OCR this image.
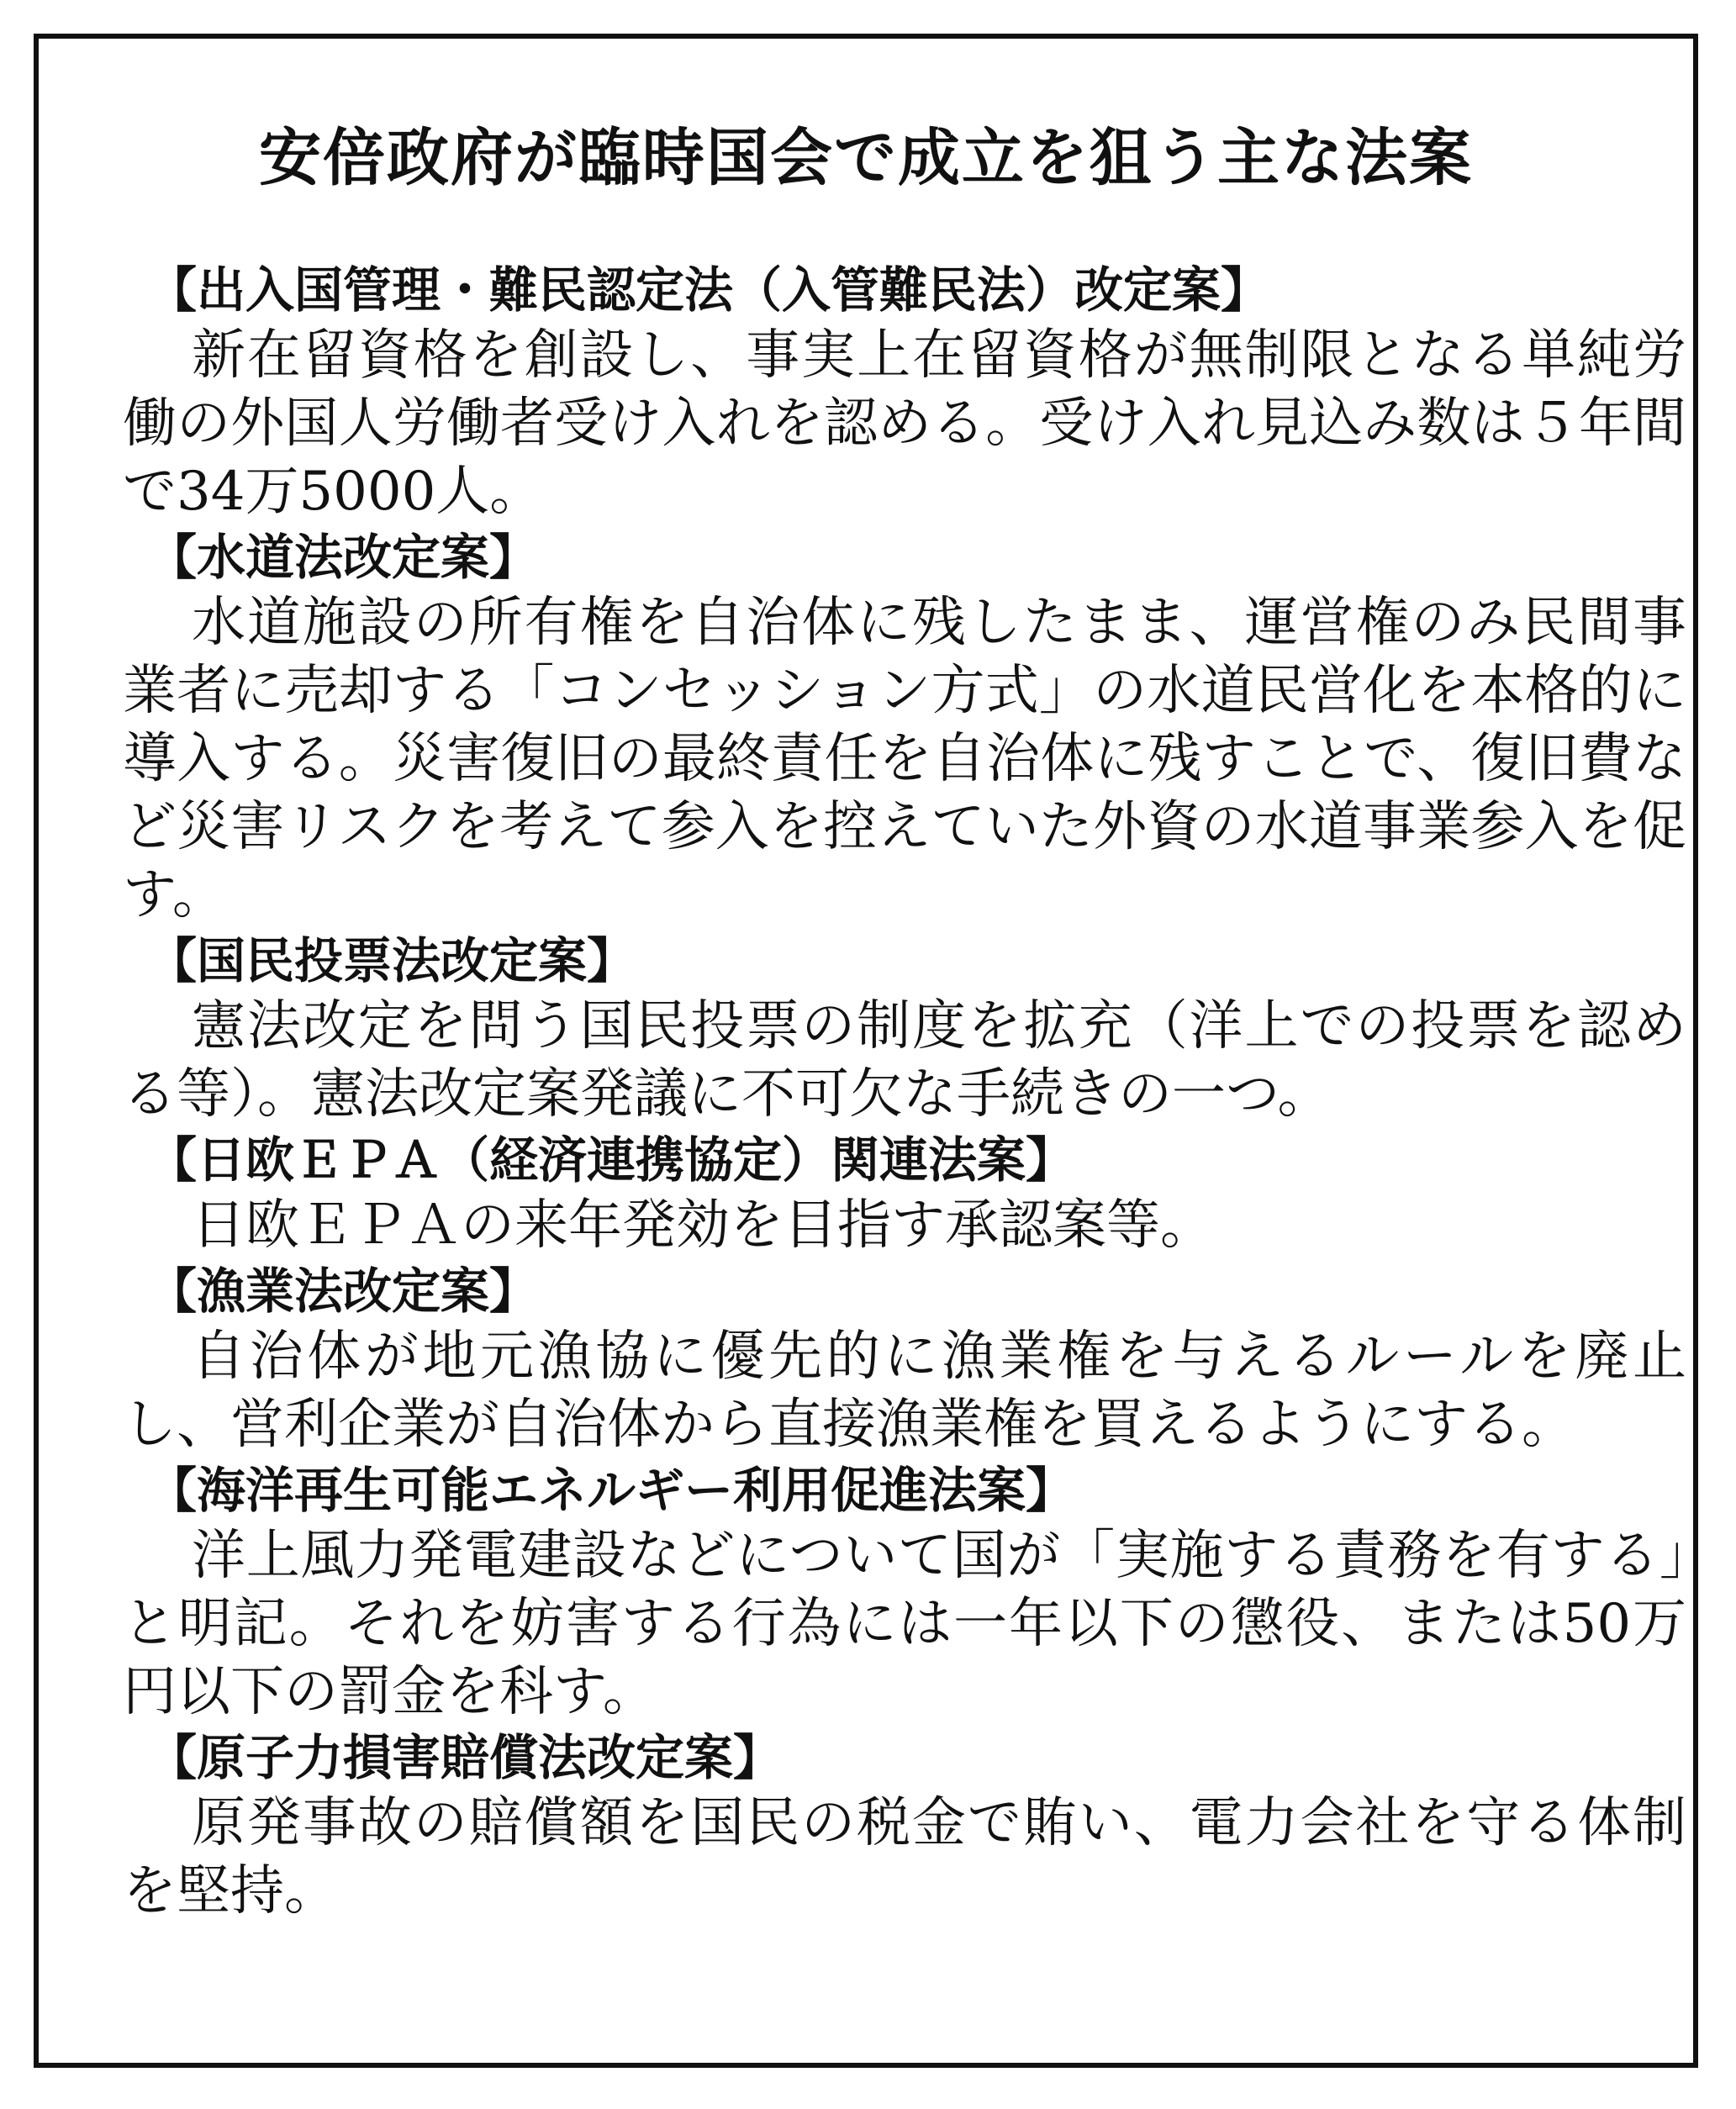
安倍政府が臨時国会で成立を狙う主な法案

【出入国管理・難民認定法（入管難民法）改定案】

新在留資格を創設し、事実上在留資格が無制限となる単純労働の外国人労働者受け入れを認める。受け入れ見込み数は５年間で34万5000人。

【水道法改定案】

水道施設の所有権を自治体に残したまま、運営権のみ民間事業者に売却する「コンセッション方式」の水道民営化を本格的に導入する。災害復旧の最終責任を自治体に残すことで、復旧費など災害リスクを考えて参入を控えていた外資の水道事業参入を促す。

【国民投票法改定案】

憲法改定を問う国民投票の制度を拡充（洋上での投票を認める等）。憲法改定案発議に不可欠な手続きの一つ。

【日欧ＥＰＡ（経済連携協定）関連法案】

日欧ＥＰＡの来年発効を目指す承認案等。

【漁業法改定案】

自治体が地元漁協に優先的に漁業権を与えるルールを廃止し、営利企業が自治体から直接漁業権を買えるようにする。

【海洋再生可能エネルギー利用促進法案】

洋上風力発電建設などについて国が「実施する責務を有する」と明記。それを妨害する行為には一年以下の懲役、または50万円以下の罰金を科す。

【原子力損害賠償法改定案】

原発事故の賠償額を国民の税金で賄い、電力会社を守る体制を堅持。
